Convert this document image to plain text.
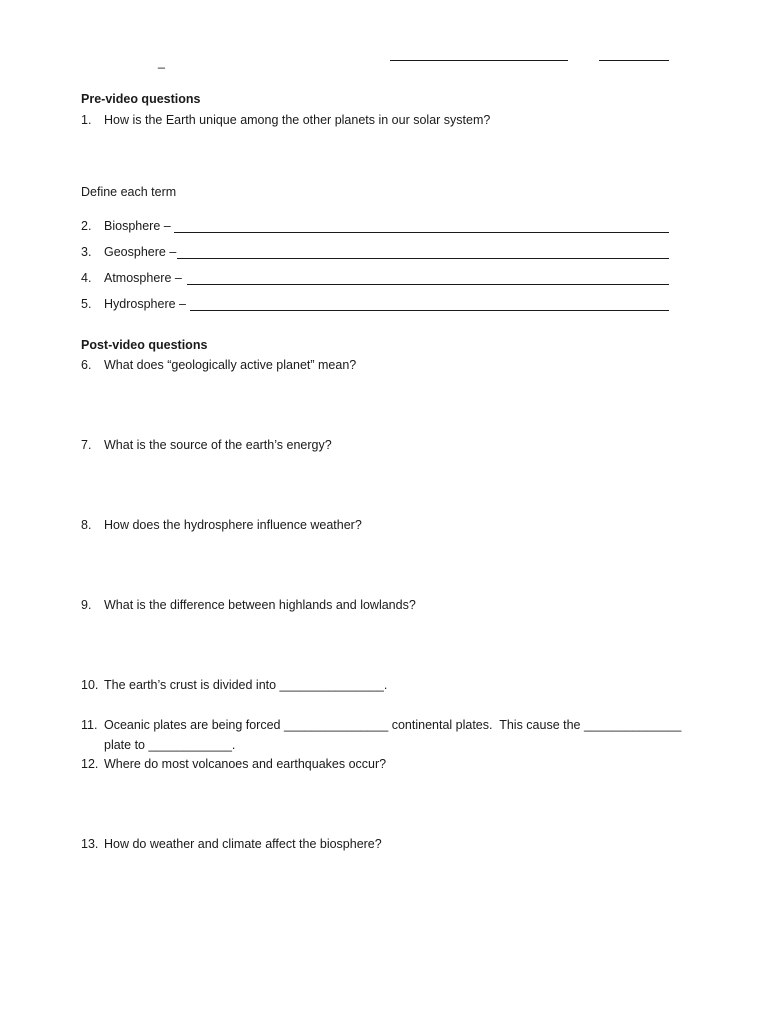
_
Pre-video questions
1. How is the Earth unique among the other planets in our solar system?
Define each term
2. Biosphere –
3. Geosphere –
4. Atmosphere –
5. Hydrosphere –
Post-video questions
6. What does “geologically active planet” mean?
7. What is the source of the earth’s energy?
8. How does the hydrosphere influence weather?
9. What is the difference between highlands and lowlands?
10. The earth’s crust is divided into _______________.
11. Oceanic plates are being forced _______________ continental plates.  This cause the ______________
plate to ____________.
12. Where do most volcanoes and earthquakes occur?
13. How do weather and climate affect the biosphere?
